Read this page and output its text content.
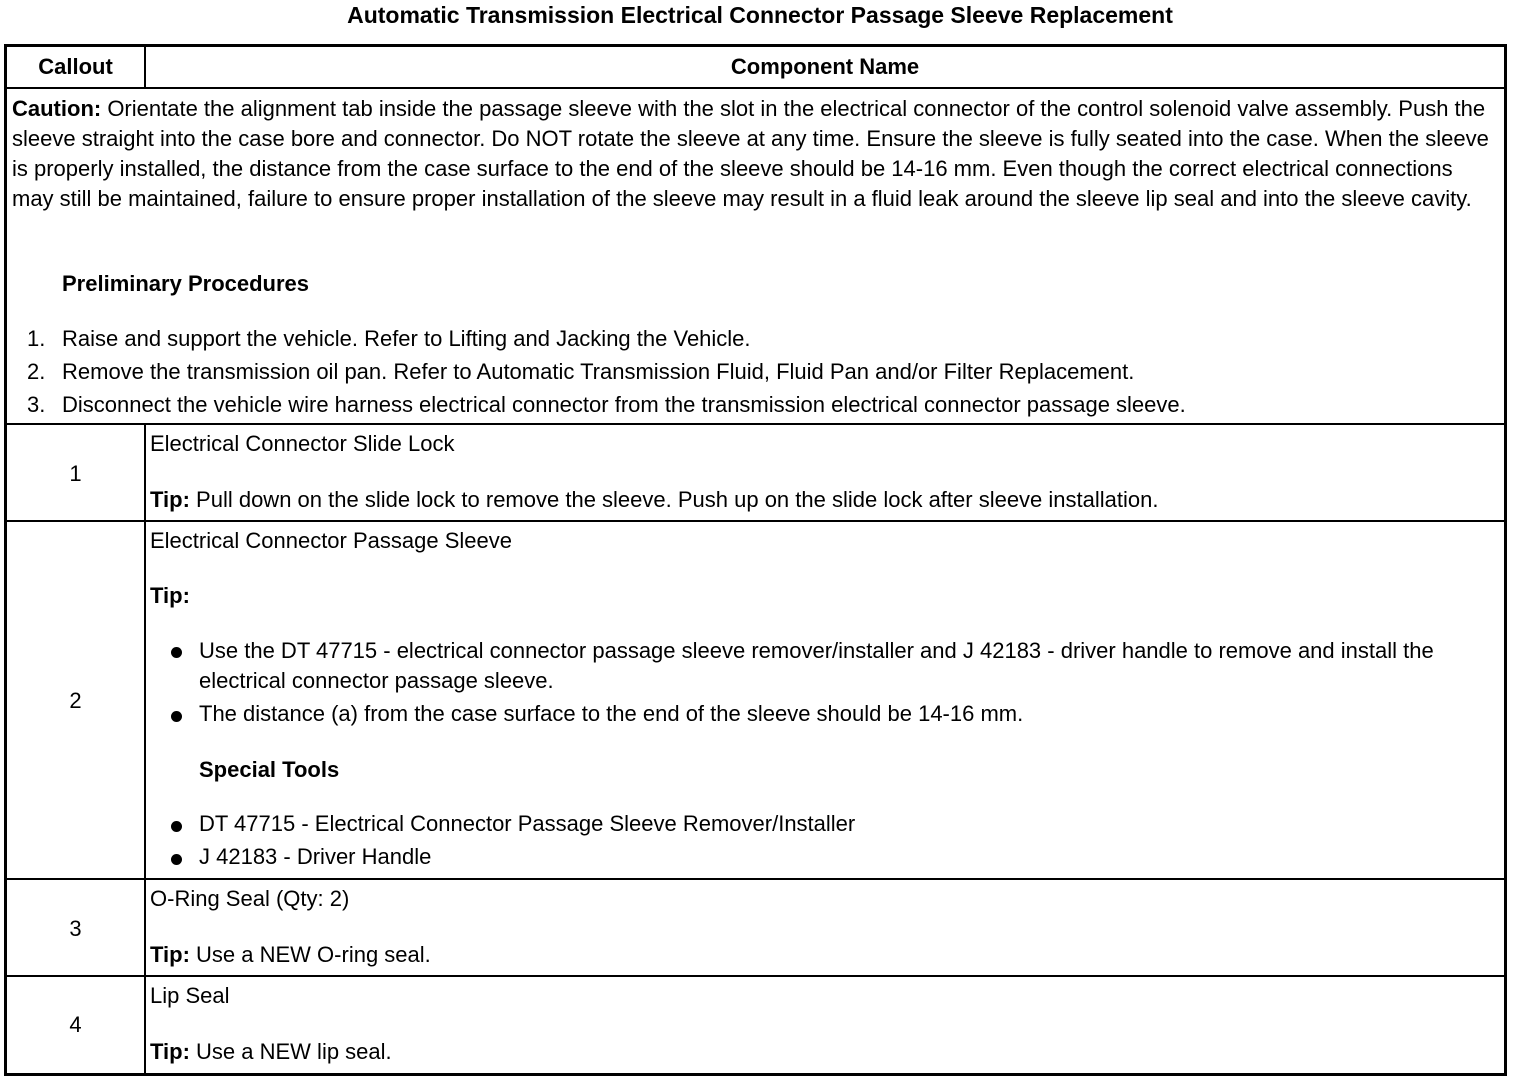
Automatic Transmission Electrical Connector Passage Sleeve Replacement
Callout	Component Name
Caution: Orientate the alignment tab inside the passage sleeve with the slot in the electrical connector of the control solenoid valve assembly. Push the sleeve straight into the case bore and connector. Do NOT rotate the sleeve at any time. Ensure the sleeve is fully seated into the case. When the sleeve is properly installed, the distance from the case surface to the end of the sleeve should be 14-16 mm. Even though the correct electrical connections may still be maintained, failure to ensure proper installation of the sleeve may result in a fluid leak around the sleeve lip seal and into the sleeve cavity.
Preliminary Procedures
1. Raise and support the vehicle. Refer to Lifting and Jacking the Vehicle.
2. Remove the transmission oil pan. Refer to Automatic Transmission Fluid, Fluid Pan and/or Filter Replacement.
3. Disconnect the vehicle wire harness electrical connector from the transmission electrical connector passage sleeve.
1
Electrical Connector Slide Lock
Tip: Pull down on the slide lock to remove the sleeve. Push up on the slide lock after sleeve installation.
2
Electrical Connector Passage Sleeve
Tip:
Use the DT 47715 - electrical connector passage sleeve remover/installer and J 42183 - driver handle to remove and install the electrical connector passage sleeve.
The distance (a) from the case surface to the end of the sleeve should be 14-16 mm.
Special Tools
DT 47715 - Electrical Connector Passage Sleeve Remover/Installer
J 42183 - Driver Handle
3
O-Ring Seal (Qty: 2)
Tip: Use a NEW O-ring seal.
4
Lip Seal
Tip: Use a NEW lip seal.
